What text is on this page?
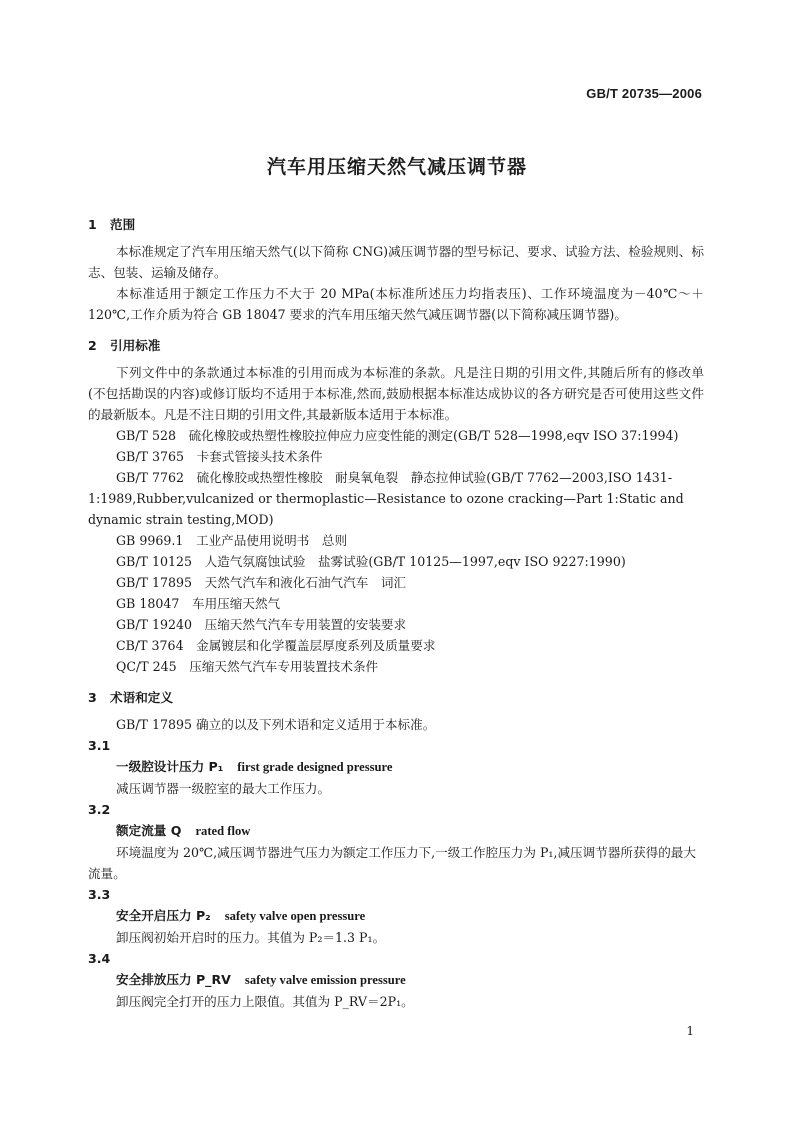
GB/T 20735—2006
汽车用压缩天然气减压调节器
1 范围

本标准规定了汽车用压缩天然气(以下简称 CNG)减压调节器的型号标记、要求、试验方法、检验规则、标志、包装、运输及储存。

本标准适用于额定工作压力不大于 20 MPa(本标准所述压力均指表压)、工作环境温度为－40℃～＋120℃,工作介质为符合 GB 18047 要求的汽车用压缩天然气减压调节器(以下简称减压调节器)。

2 引用标准

下列文件中的条款通过本标准的引用而成为本标准的条款。凡是注日期的引用文件,其随后所有的修改单(不包括勘误的内容)或修订版均不适用于本标准,然而,鼓励根据本标准达成协议的各方研究是否可使用这些文件的最新版本。凡是不注日期的引用文件,其最新版本适用于本标准。

GB/T 528　硫化橡胶或热塑性橡胶拉伸应力应变性能的测定(GB/T 528—1998,eqv ISO 37:1994)

GB/T 3765　卡套式管接头技术条件

GB/T 7762　硫化橡胶或热塑性橡胶　耐臭氧龟裂　静态拉伸试验(GB/T 7762—2003,ISO 1431-1:1989,Rubber,vulcanized or thermoplastic—Resistance to ozone cracking—Part 1:Static and dynamic strain testing,MOD)

GB 9969.1　工业产品使用说明书　总则

GB/T 10125　人造气氛腐蚀试验　盐雾试验(GB/T 10125—1997,eqv ISO 9227:1990)

GB/T 17895　天然气汽车和液化石油气汽车　词汇

GB 18047　车用压缩天然气

GB/T 19240　压缩天然气汽车专用装置的安装要求

CB/T 3764　金属镀层和化学覆盖层厚度系列及质量要求

QC/T 245　压缩天然气汽车专用装置技术条件

3 术语和定义

GB/T 17895 确立的以及下列术语和定义适用于本标准。

3.1

一级腔设计压力 P₁ first grade designed pressure

减压调节器一级腔室的最大工作压力。

3.2

额定流量 Q rated flow

环境温度为 20℃,减压调节器进气压力为额定工作压力下,一级工作腔压力为 P₁,减压调节器所获得的最大流量。

3.3

安全开启压力 P₂ safety valve open pressure

卸压阀初始开启时的压力。其值为 P₂＝1.3 P₁。

3.4

安全排放压力 P_RV safety valve emission pressure

卸压阀完全打开的压力上限值。其值为 P_RV＝2P₁。

1
